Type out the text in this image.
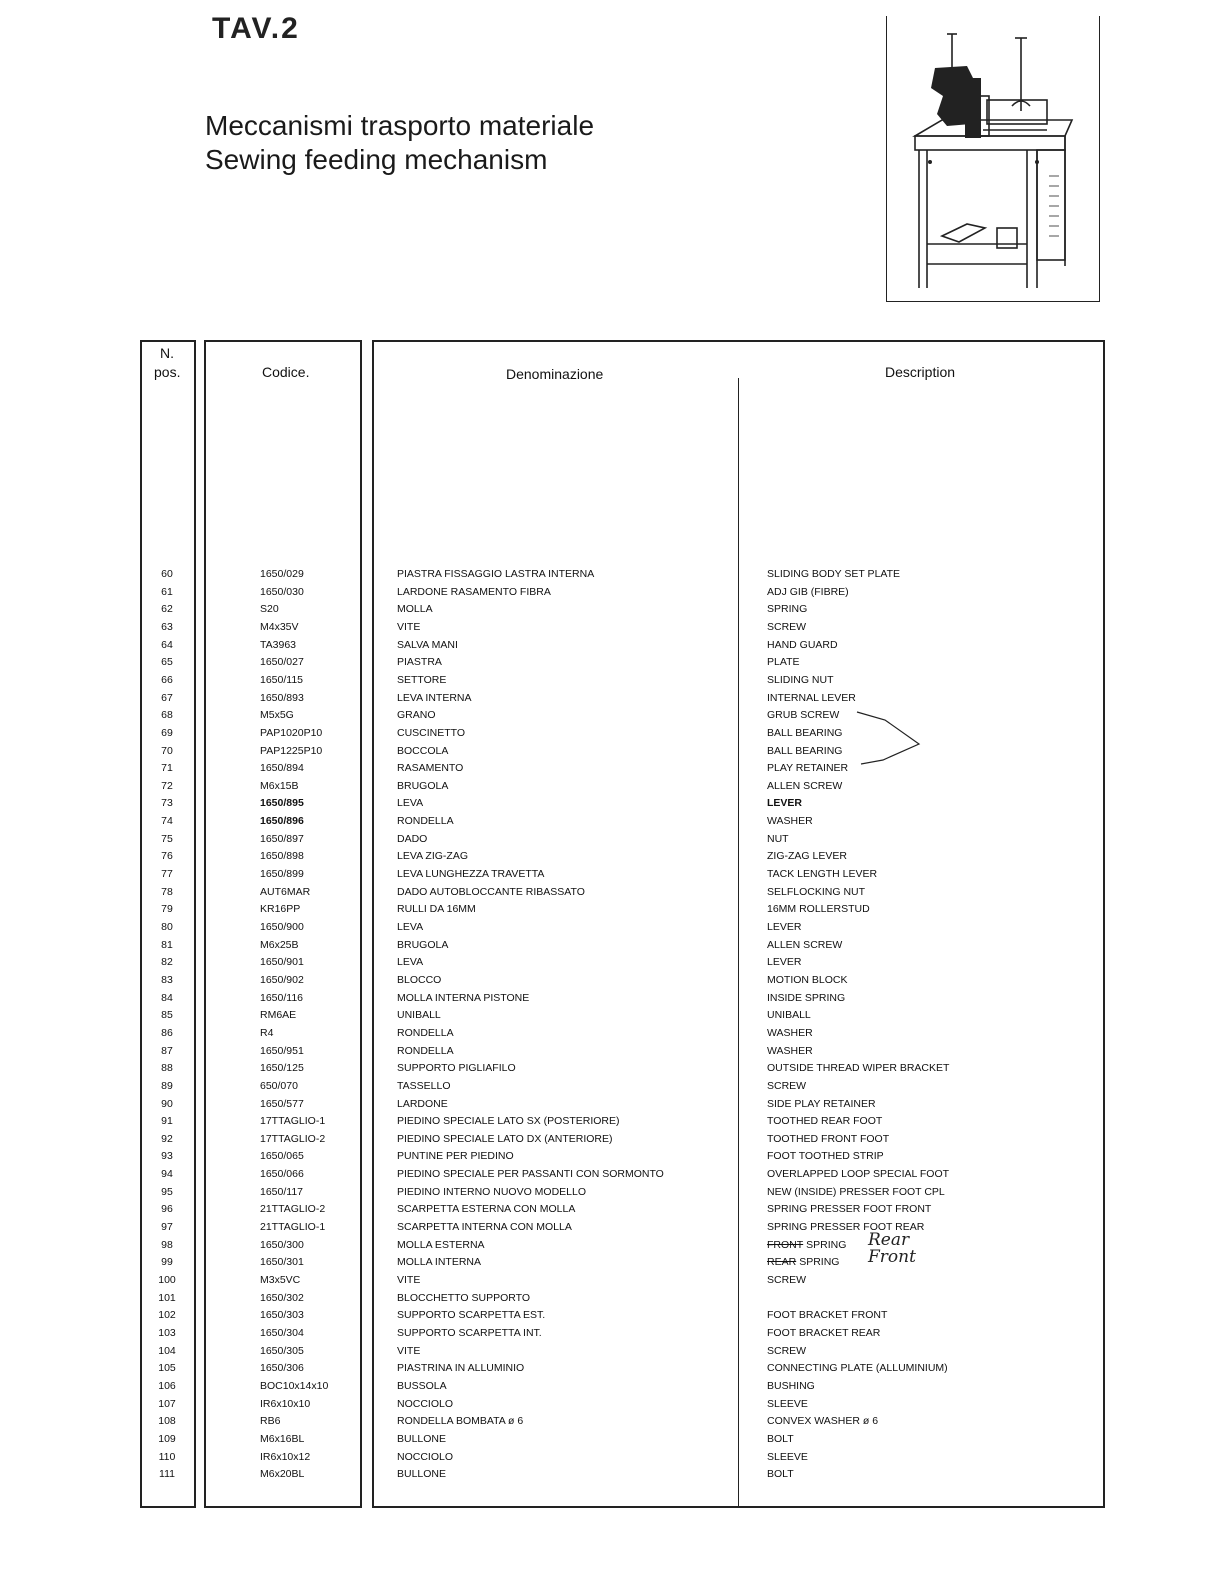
TAV.2
Meccanismi trasporto materiale
Sewing feeding mechanism
N.
pos.	Codice.	Denominazione	Description
60	1650/029	PIASTRA FISSAGGIO LASTRA INTERNA	SLIDING BODY SET PLATE
61	1650/030	LARDONE RASAMENTO FIBRA	ADJ GIB (FIBRE)
62	S20	MOLLA	SPRING
63	M4x35V	VITE	SCREW
64	TA3963	SALVA MANI	HAND GUARD
65	1650/027	PIASTRA	PLATE
66	1650/115	SETTORE	SLIDING NUT
67	1650/893	LEVA INTERNA	INTERNAL LEVER
68	M5x5G	GRANO	GRUB SCREW
69	PAP1020P10	CUSCINETTO	BALL BEARING
70	PAP1225P10	BOCCOLA	BALL BEARING
71	1650/894	RASAMENTO	PLAY RETAINER
72	M6x15B	BRUGOLA	ALLEN SCREW
73	1650/895	LEVA	LEVER
74	1650/896	RONDELLA	WASHER
75	1650/897	DADO	NUT
76	1650/898	LEVA ZIG-ZAG	ZIG-ZAG LEVER
77	1650/899	LEVA LUNGHEZZA TRAVETTA	TACK LENGTH LEVER
78	AUT6MAR	DADO AUTOBLOCCANTE RIBASSATO	SELFLOCKING NUT
79	KR16PP	RULLI DA 16MM	16MM ROLLERSTUD
80	1650/900	LEVA	LEVER
81	M6x25B	BRUGOLA	ALLEN SCREW
82	1650/901	LEVA	LEVER
83	1650/902	BLOCCO	MOTION BLOCK
84	1650/116	MOLLA INTERNA PISTONE	INSIDE SPRING
85	RM6AE	UNIBALL	UNIBALL
86	R4	RONDELLA	WASHER
87	1650/951	RONDELLA	WASHER
88	1650/125	SUPPORTO PIGLIAFILO	OUTSIDE THREAD WIPER BRACKET
89	650/070	TASSELLO	SCREW
90	1650/577	LARDONE	SIDE PLAY RETAINER
91	17TTAGLIO-1	PIEDINO SPECIALE LATO SX (POSTERIORE)	TOOTHED REAR FOOT
92	17TTAGLIO-2	PIEDINO SPECIALE LATO DX (ANTERIORE)	TOOTHED FRONT FOOT
93	1650/065	PUNTINE PER PIEDINO	FOOT TOOTHED STRIP
94	1650/066	PIEDINO SPECIALE PER PASSANTI CON SORMONTO	OVERLAPPED LOOP SPECIAL FOOT
95	1650/117	PIEDINO INTERNO NUOVO MODELLO	NEW (INSIDE) PRESSER FOOT CPL
96	21TTAGLIO-2	SCARPETTA ESTERNA CON MOLLA	SPRING PRESSER FOOT FRONT
97	21TTAGLIO-1	SCARPETTA INTERNA CON MOLLA	SPRING PRESSER FOOT REAR
98	1650/300	MOLLA ESTERNA	FRONT SPRING Rear
99	1650/301	MOLLA INTERNA	REAR SPRING Front
100	M3x5VC	VITE	SCREW
101	1650/302	BLOCCHETTO SUPPORTO
102	1650/303	SUPPORTO SCARPETTA EST.	FOOT BRACKET FRONT
103	1650/304	SUPPORTO SCARPETTA INT.	FOOT BRACKET REAR
104	1650/305	VITE	SCREW
105	1650/306	PIASTRINA IN ALLUMINIO	CONNECTING PLATE (ALLUMINIUM)
106	BOC10x14x10	BUSSOLA	BUSHING
107	IR6x10x10	NOCCIOLO	SLEEVE
108	RB6	RONDELLA BOMBATA ø 6	CONVEX WASHER ø 6
109	M6x16BL	BULLONE	BOLT
110	IR6x10x12	NOCCIOLO	SLEEVE
111	M6x20BL	BULLONE	BOLT
